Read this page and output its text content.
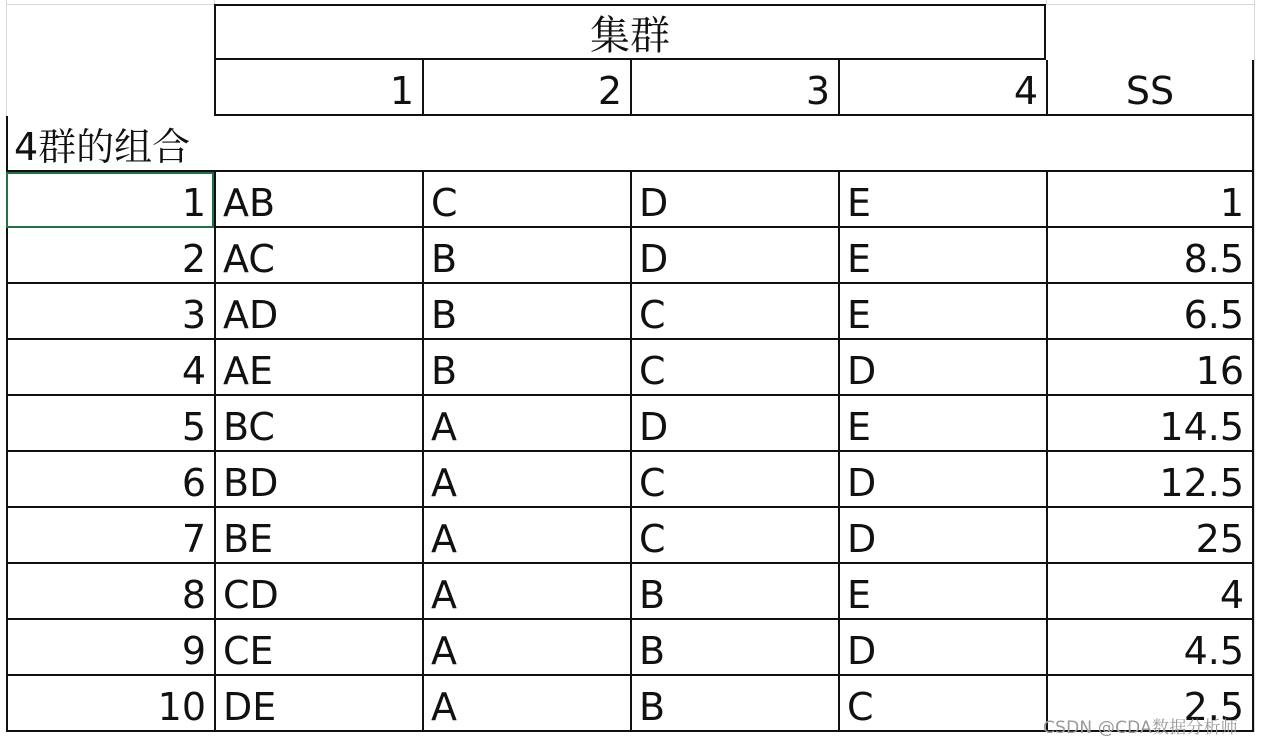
集群
1	2	3	4	SS
4群的组合
1 AB	C	D	E	1
2 AC	B	D	E	8.5
3 AD	B	C	E	6.5
4 AE	B	C	D	16
5 BC	A	D	E	14.5
6 BD	A	C	D	12.5
7 BE	A	C	D	25
8 CD	A	B	E	4
9 CE	A	B	D	4.5
10 DE	A	B	C	2.5
CSDN @CDA数据分析师
